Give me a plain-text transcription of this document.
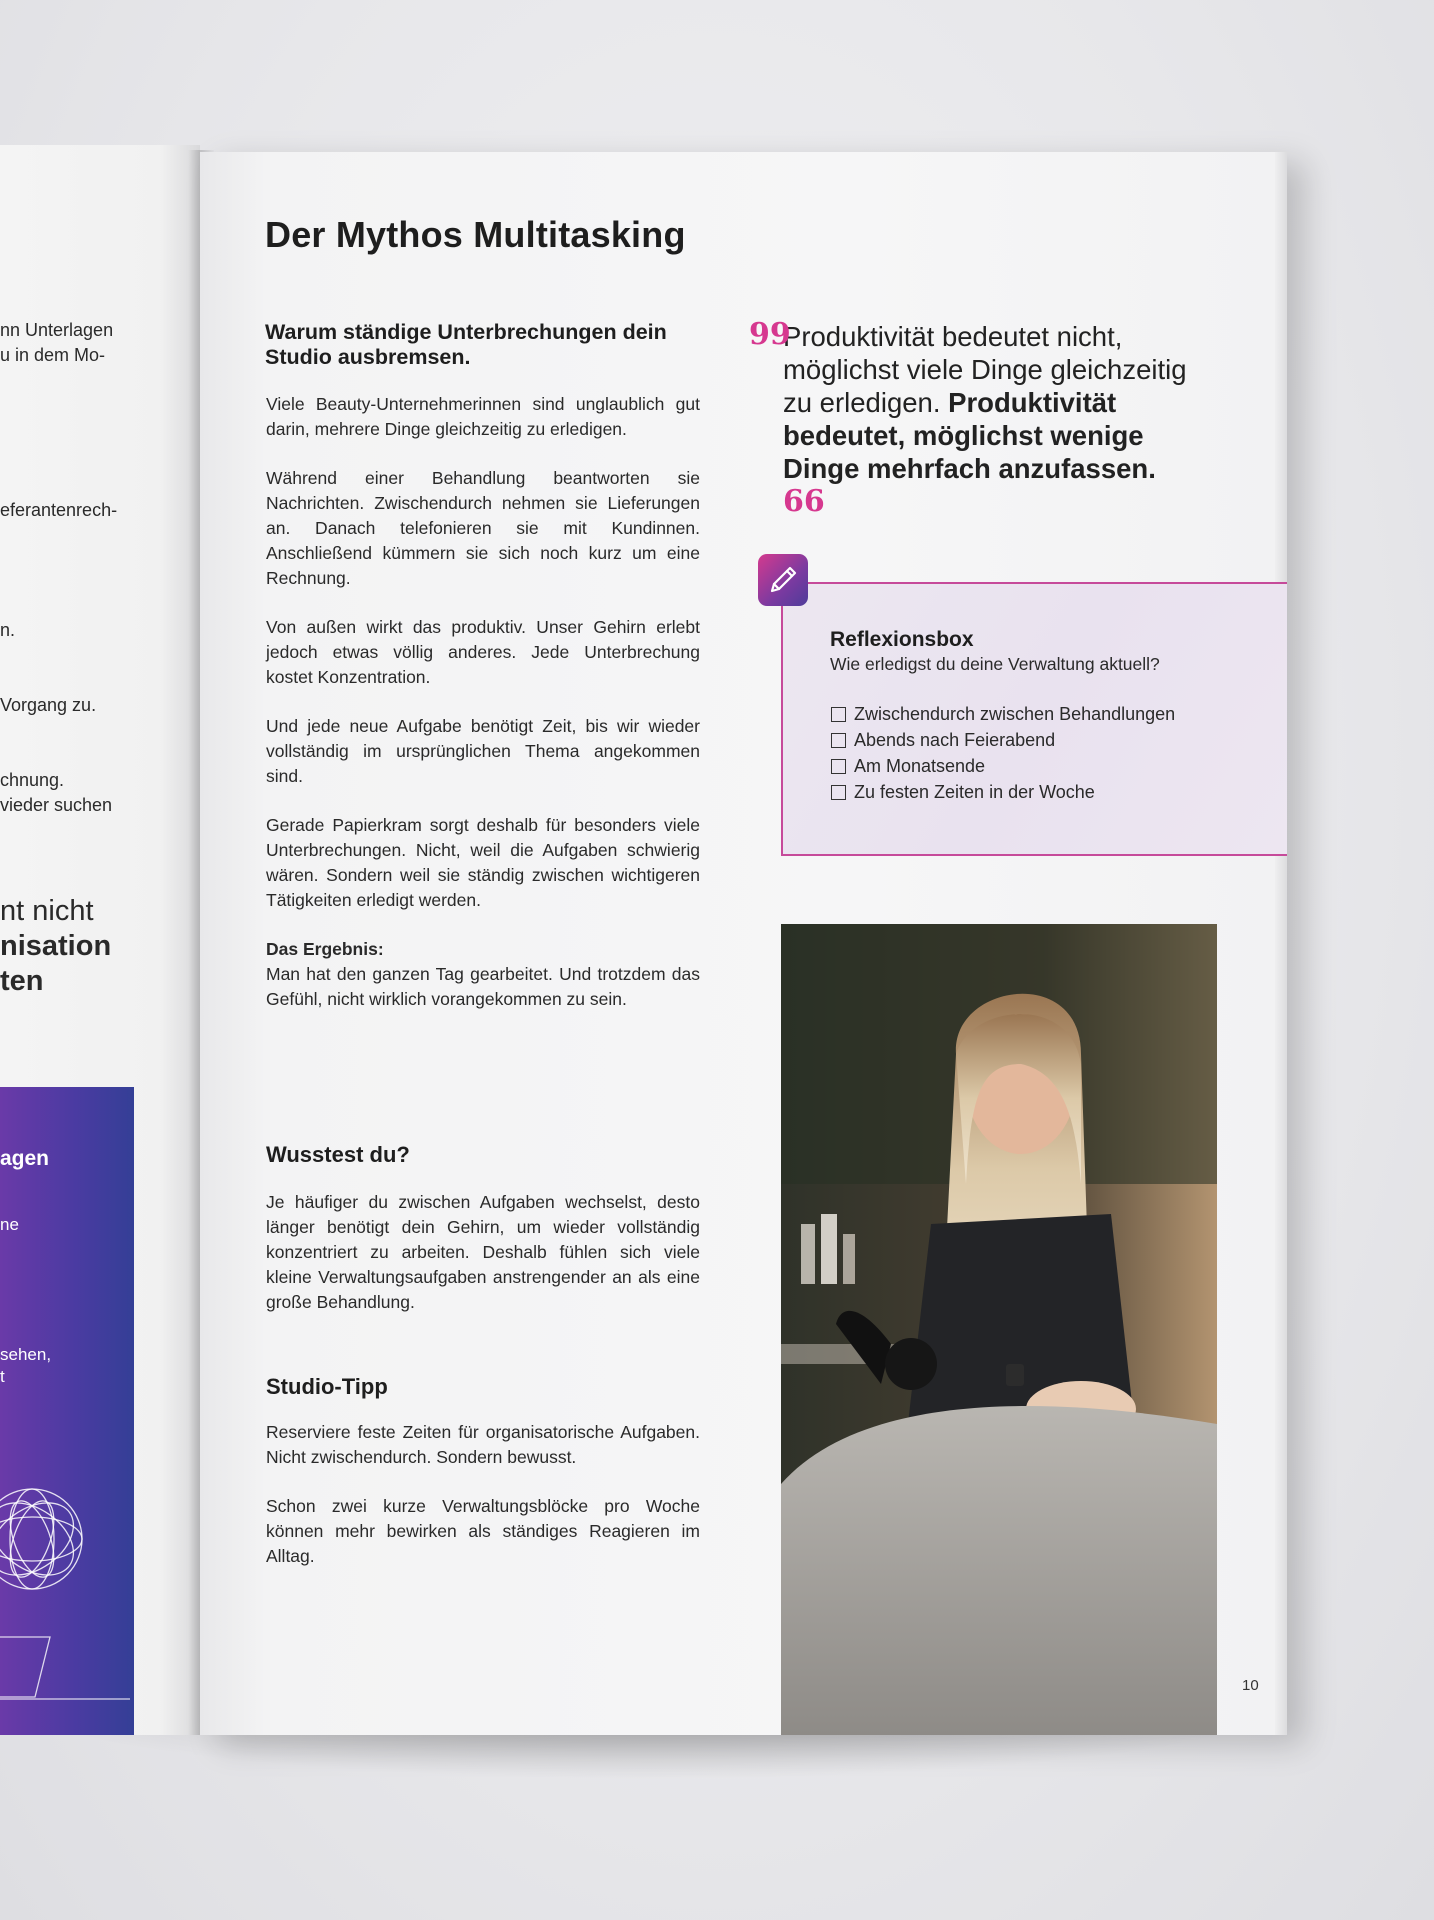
nn Unterlagen
u in dem Mo-
eferantenrech-
n.
Vorgang zu.
chnung.
vieder suchen
nt nicht
nisation
ten
agen
ne
sehen,
t
Der Mythos Multitasking
Warum ständige Unterbrechungen dein Studio ausbremsen.

Viele Beauty-Unternehmerinnen sind unglaublich gut darin, mehrere Dinge gleichzeitig zu erledigen.

Während einer Behandlung beantworten sie Nachrichten. Zwischendurch nehmen sie Lieferungen an. Danach telefonieren sie mit Kundinnen. Anschließend kümmern sie sich noch kurz um eine Rechnung.

Von außen wirkt das produktiv. Unser Gehirn erlebt jedoch etwas völlig anderes. Jede Unterbrechung kostet Konzentration.

Und jede neue Aufgabe benötigt Zeit, bis wir wieder vollständig im ursprünglichen Thema angekommen sind.

Gerade Papierkram sorgt deshalb für besonders viele Unterbrechungen. Nicht, weil die Aufgaben schwierig wären. Sondern weil sie ständig zwischen wichtigeren Tätigkeiten erledigt werden.

Das Ergebnis:
Man hat den ganzen Tag gearbeitet. Und trotzdem das Gefühl, nicht wirklich vorangekommen zu sein.
Wusstest du?

Je häufiger du zwischen Aufgaben wechselst, desto länger benötigt dein Gehirn, um wieder vollständig konzentriert zu arbeiten. Deshalb fühlen sich viele kleine Verwaltungsaufgaben anstrengender an als eine große Behandlung.

Studio-Tipp

Reserviere feste Zeiten für organisatorische Aufgaben. Nicht zwischendurch. Sondern bewusst.

Schon zwei kurze Verwaltungsblöcke pro Woche können mehr bewirken als ständiges Reagieren im Alltag.

99
Produktivität bedeutet nicht, möglichst viele Dinge gleichzeitig zu erledigen. Produktivität bedeutet, möglichst wenige Dinge mehrfach anzufassen. 66
Reflexionsbox
Wie erledigst du deine Verwaltung aktuell?
Zwischendurch zwischen Behandlungen
Abends nach Feierabend
Am Monatsende
Zu festen Zeiten in der Woche
10
